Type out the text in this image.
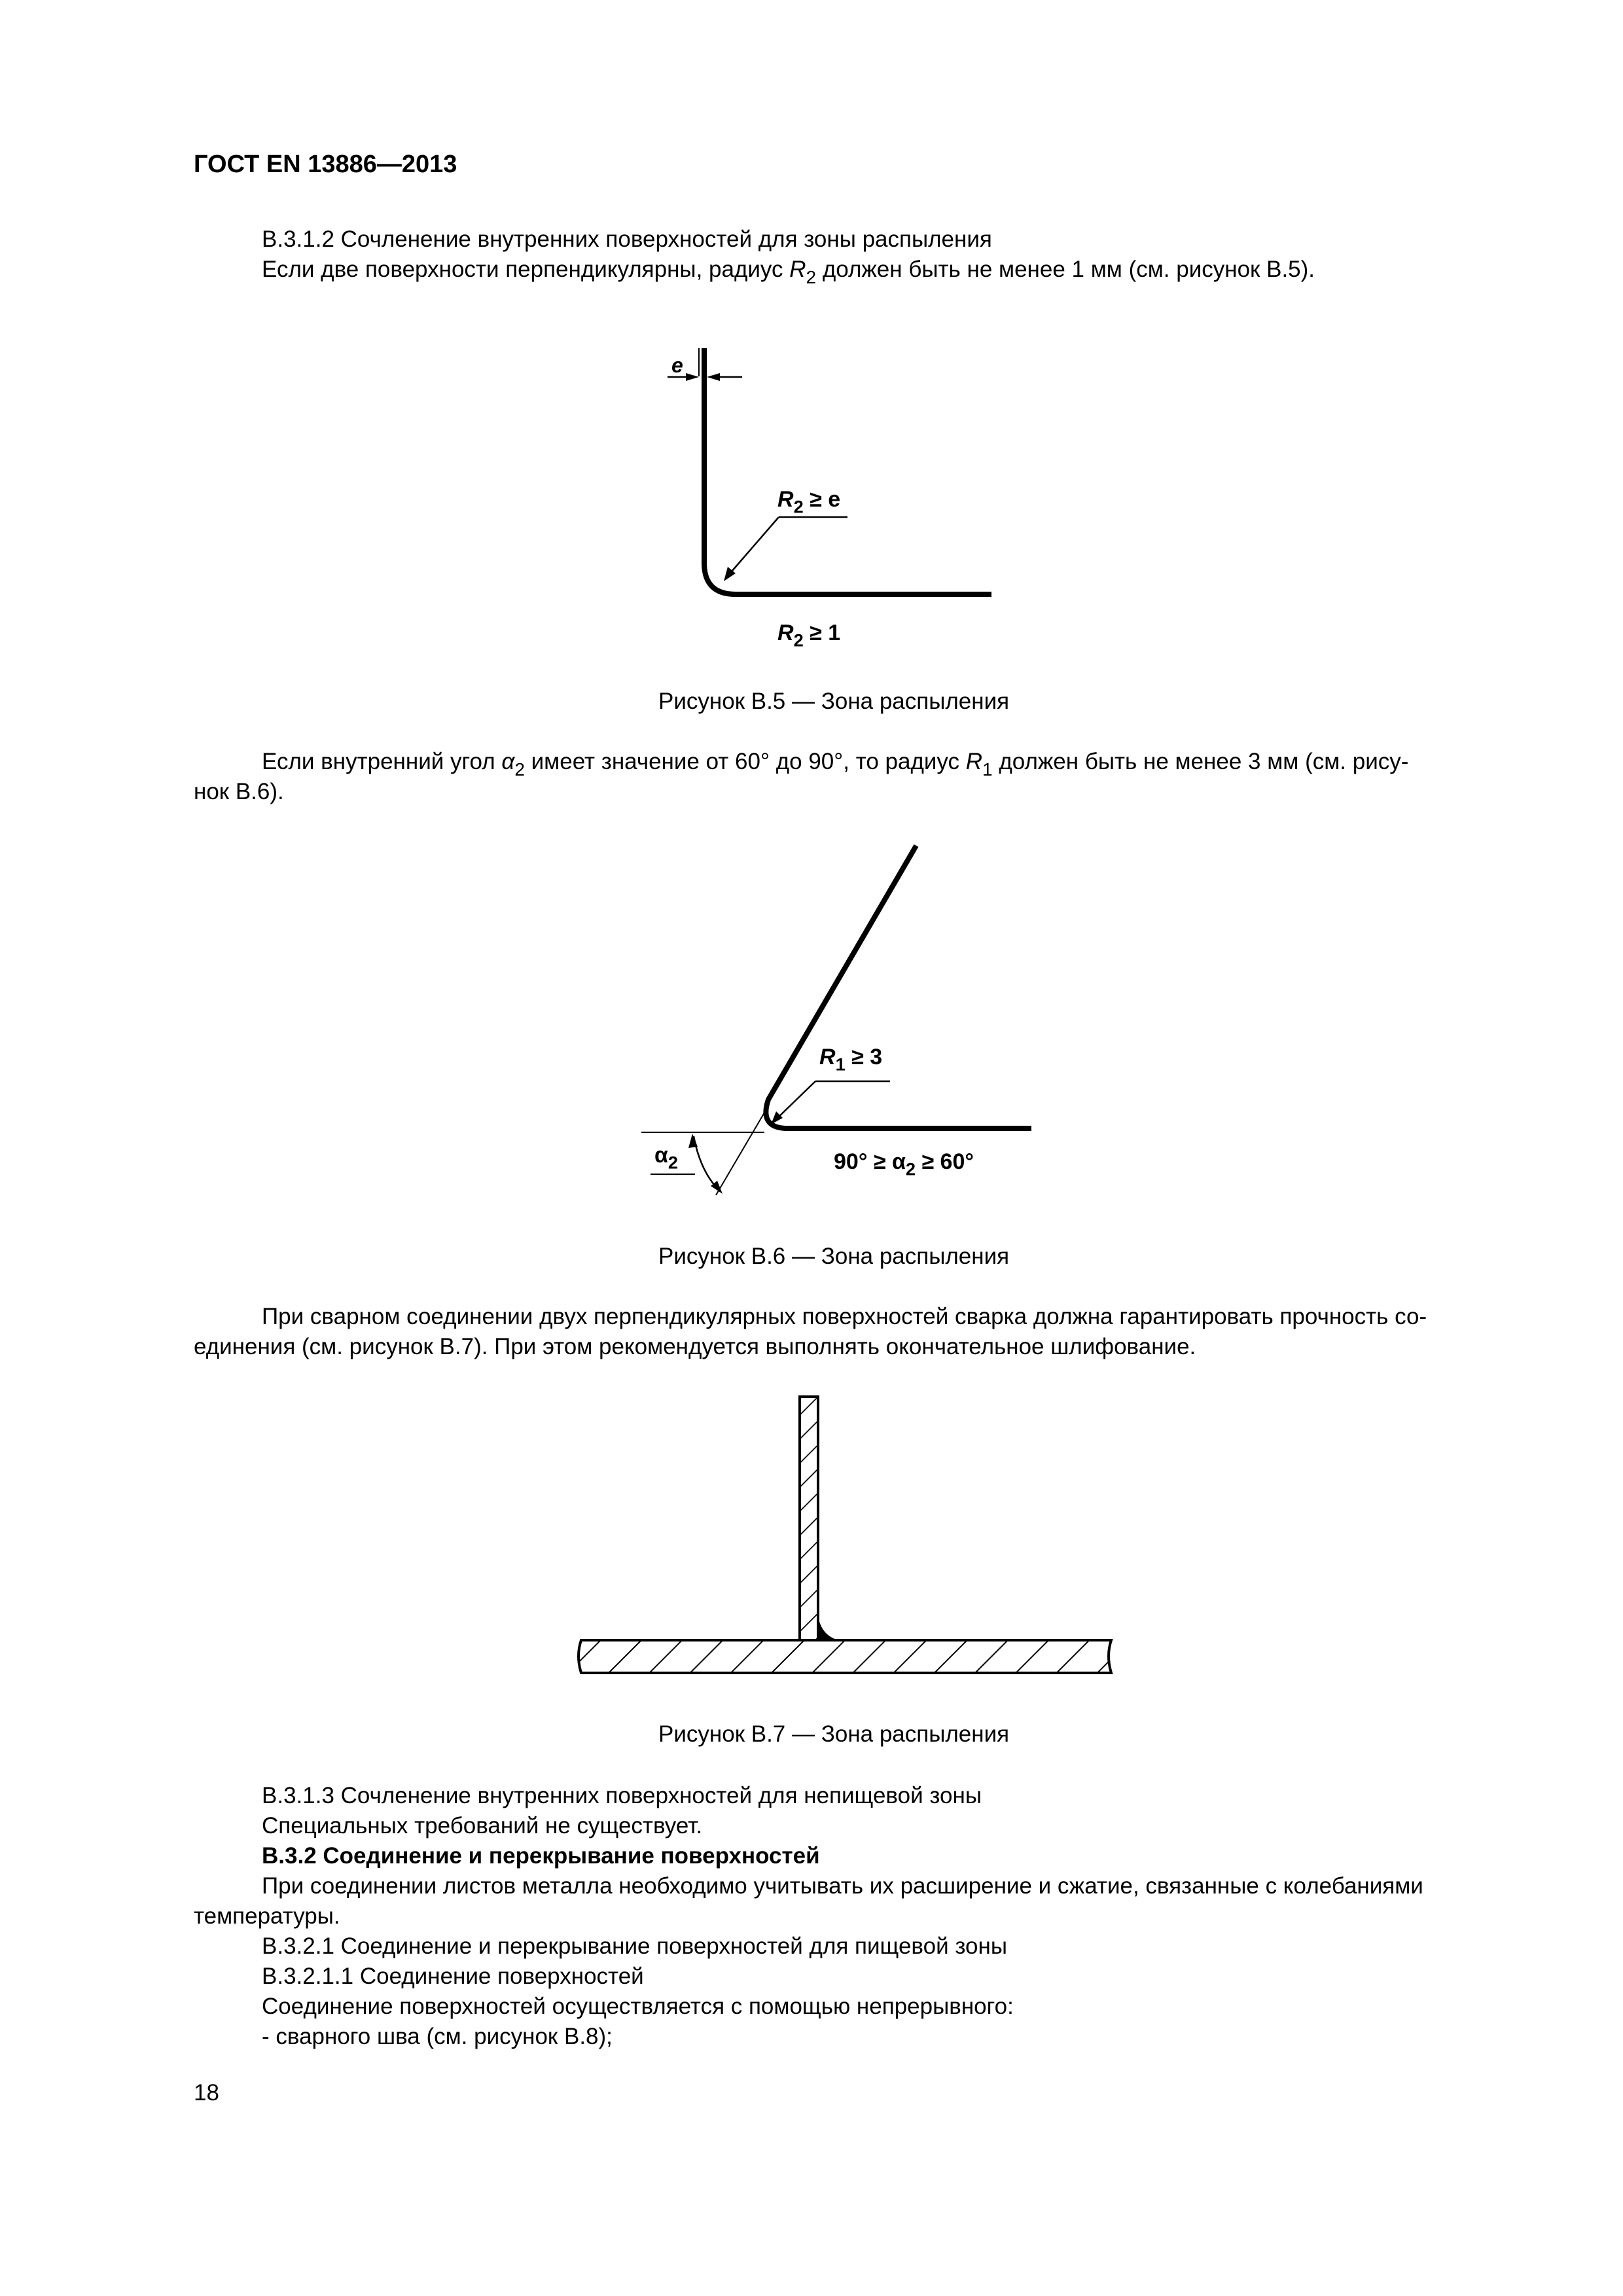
ГОСТ EN 13886—2013
В.3.1.2 Сочленение внутренних поверхностей для зоны распыления
Если две поверхности перпендикулярны, радиус $R_2$ должен быть не менее 1 мм (см. рисунок В.5).
e
$R_2 \ge e$
$R_2 \ge 1$
Рисунок В.5 — Зона распыления
Если внутренний угол $\alpha_2$ имеет значение от 60° до 90°, то радиус $R_1$ должен быть не менее 3 мм (см. рису-
нок В.6).
$R_1 \ge 3$
$\alpha_2$	$90^\circ \ge \alpha_2 \ge 60^\circ$
Рисунок В.6 — Зона распыления
При сварном соединении двух перпендикулярных поверхностей сварка должна гарантировать прочность со-
единения (см. рисунок В.7). При этом рекомендуется выполнять окончательное шлифование.
Рисунок В.7 — Зона распыления
В.3.1.3 Сочленение внутренних поверхностей для непищевой зоны
Специальных требований не существует.
В.3.2 Соединение и перекрывание поверхностей
При соединении листов металла необходимо учитывать их расширение и сжатие, связанные с колебаниями
температуры.
В.3.2.1 Соединение и перекрывание поверхностей для пищевой зоны
В.3.2.1.1 Соединение поверхностей
Соединение поверхностей осуществляется с помощью непрерывного:
- сварного шва (см. рисунок В.8);
18
